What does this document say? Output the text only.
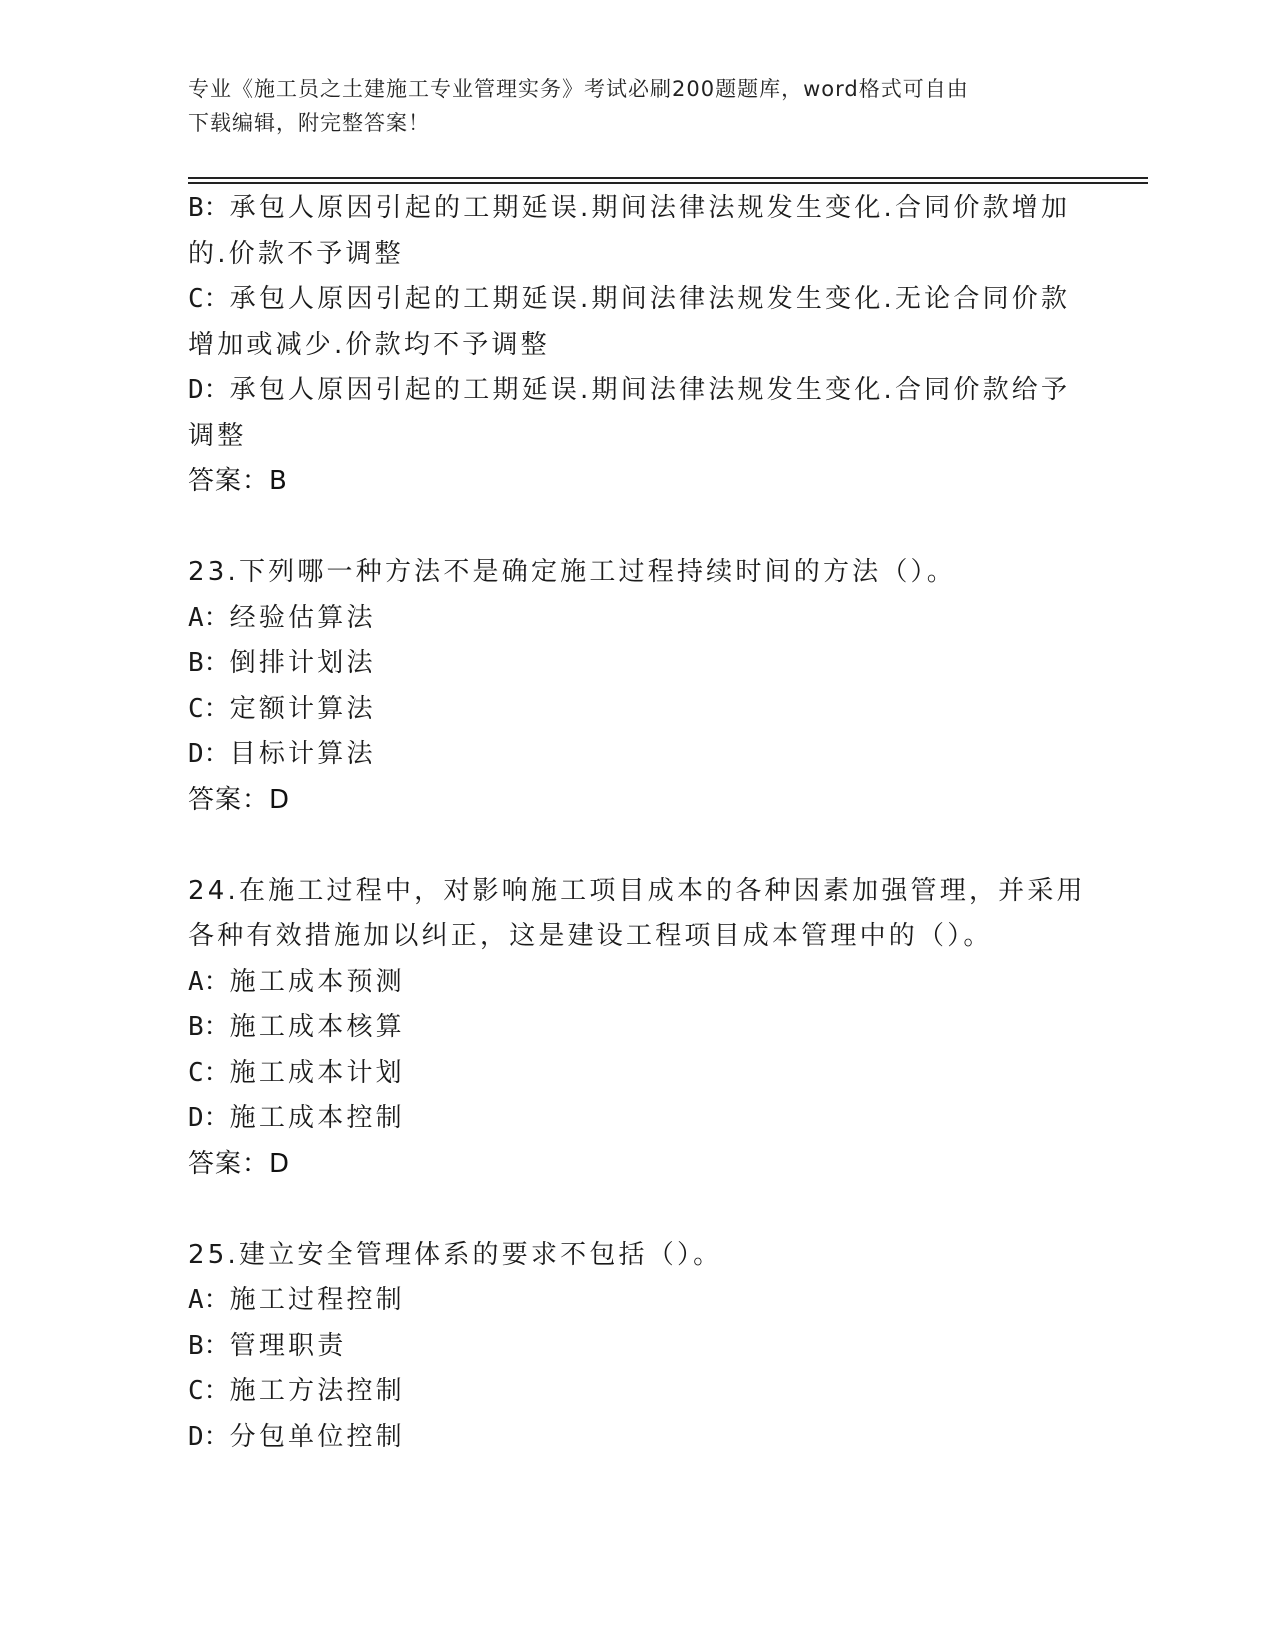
专业《施工员之土建施工专业管理实务》考试必刷200题题库，word格式可自由
下载编辑，附完整答案！
B：承包人原因引起的工期延误.期间法律法规发生变化.合同价款增加
的.价款不予调整
C：承包人原因引起的工期延误.期间法律法规发生变化.无论合同价款
增加或减少.价款均不予调整
D：承包人原因引起的工期延误.期间法律法规发生变化.合同价款给予
调整
答案：B
23.下列哪一种方法不是确定施工过程持续时间的方法（）。
A：经验估算法
B：倒排计划法
C：定额计算法
D：目标计算法
答案：D
24.在施工过程中，对影响施工项目成本的各种因素加强管理，并采用
各种有效措施加以纠正，这是建设工程项目成本管理中的（）。
A：施工成本预测
B：施工成本核算
C：施工成本计划
D：施工成本控制
答案：D
25.建立安全管理体系的要求不包括（）。
A：施工过程控制
B：管理职责
C：施工方法控制
D：分包单位控制
